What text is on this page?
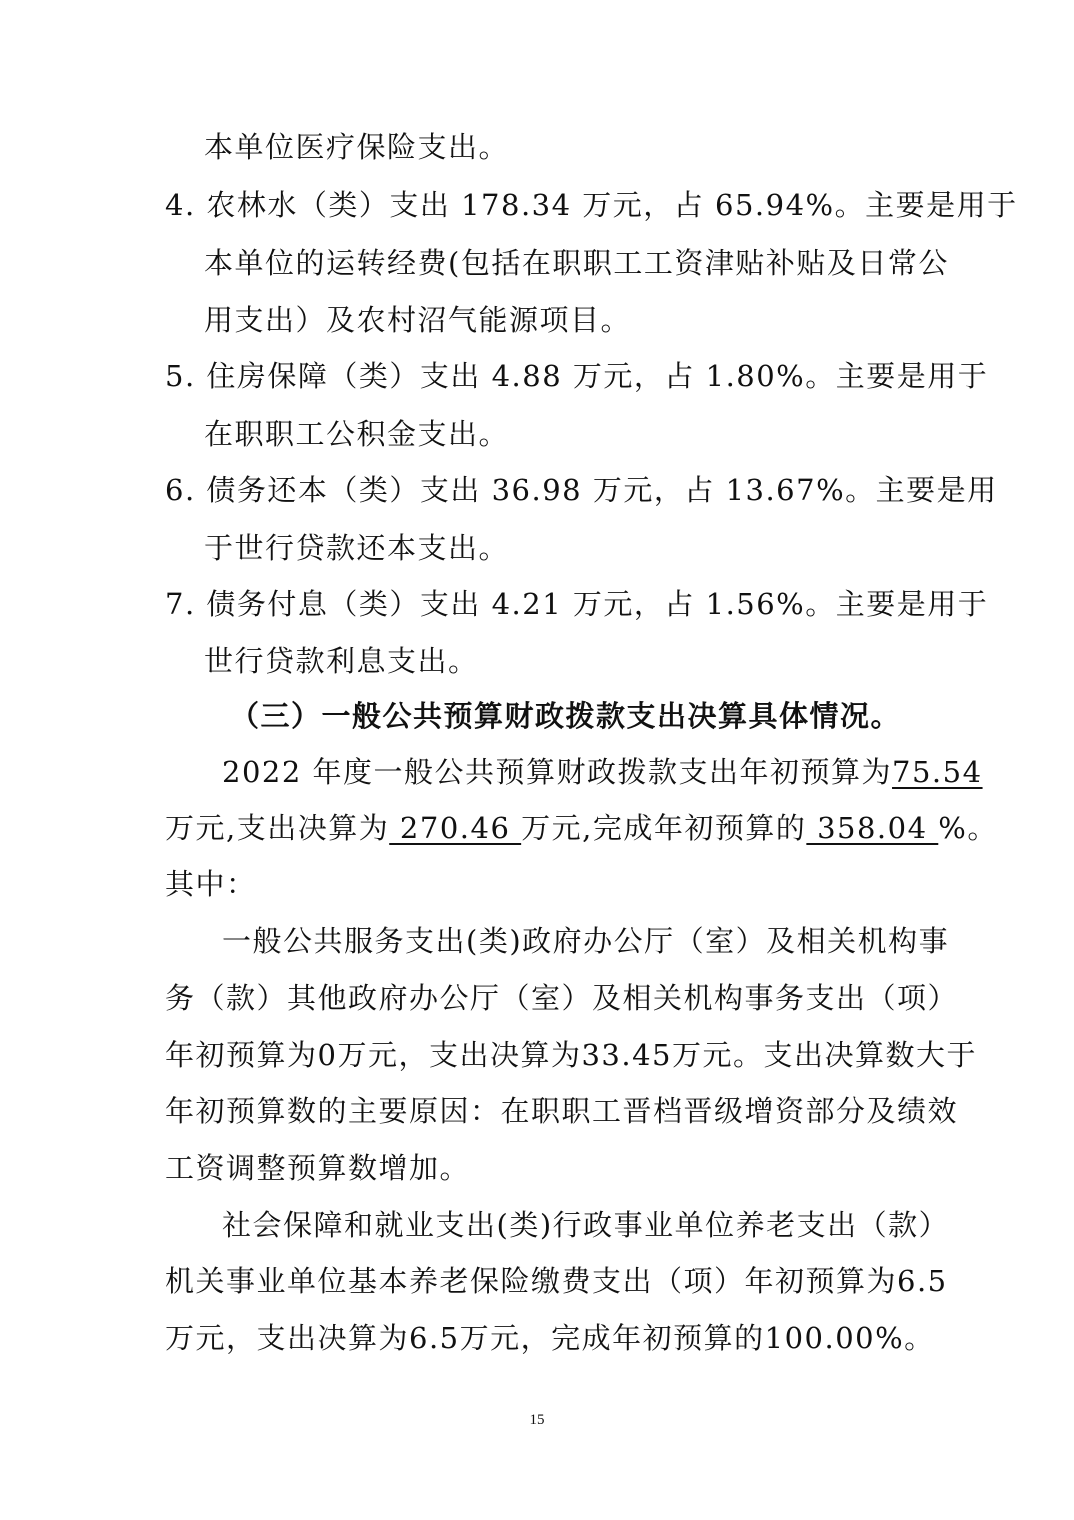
本单位医疗保险支出。
4. 农林水（类）支出 178.34 万元，占 65.94%。主要是用于
本单位的运转经费(包括在职职工工资津贴补贴及日常公
用支出）及农村沼气能源项目。
5. 住房保障（类）支出 4.88 万元，占 1.80%。主要是用于
在职职工公积金支出。
6. 债务还本（类）支出 36.98 万元，占 13.67%。主要是用
于世行贷款还本支出。
7. 债务付息（类）支出 4.21 万元，占 1.56%。主要是用于
世行贷款利息支出。
（三）一般公共预算财政拨款支出决算具体情况。
2022 年度一般公共预算财政拨款支出年初预算为75.54
万元,支出决算为 270.46 万元,完成年初预算的 358.04 %。
其中：
一般公共服务支出(类)政府办公厅（室）及相关机构事
务（款）其他政府办公厅（室）及相关机构事务支出（项）
年初预算为0万元，支出决算为33.45万元。支出决算数大于
年初预算数的主要原因：在职职工晋档晋级增资部分及绩效
工资调整预算数增加。
社会保障和就业支出(类)行政事业单位养老支出（款）
机关事业单位基本养老保险缴费支出（项）年初预算为6.5
万元，支出决算为6.5万元，完成年初预算的100.00%。
15
